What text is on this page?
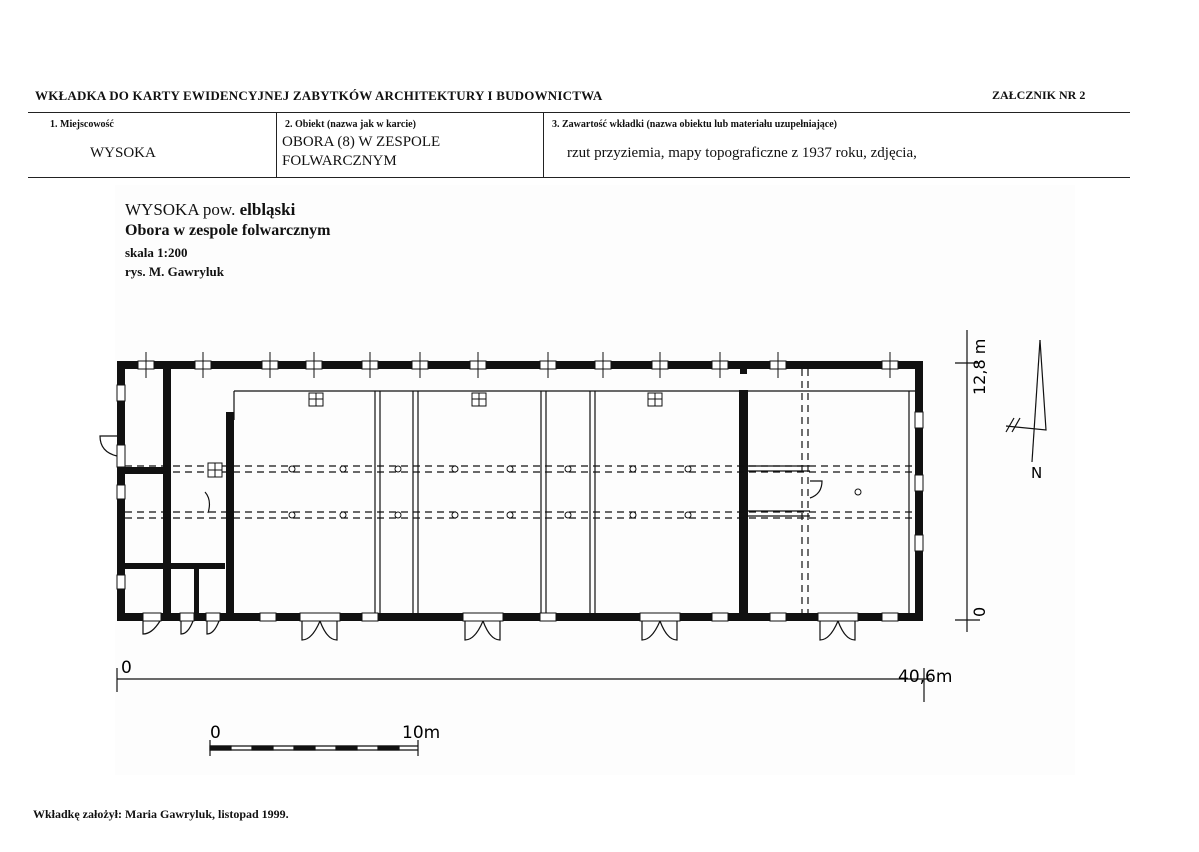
WKŁADKA DO KARTY EWIDENCYJNEJ ZABYTKÓW ARCHITEKTURY I BUDOWNICTWA	ZAŁCZNIK NR 2
1. Miejscowość
WYSOKA
2. Obiekt (nazwa jak w karcie)
OBORA (8) W ZESPOLE
FOLWARCZNYM
3. Zawartość wkładki (nazwa obiektu lub materiału uzupełniające)
rzut przyziemia, mapy topograficzne z 1937 roku, zdjęcia,
WYSOKA pow. elbląski
Obora w zespole folwarcznym
skala 1:200
rys. M. Gawryluk
0	40,6m
0
12,8 m
N
0	10m
Wkładkę założył: Maria Gawryluk, listopad 1999.
